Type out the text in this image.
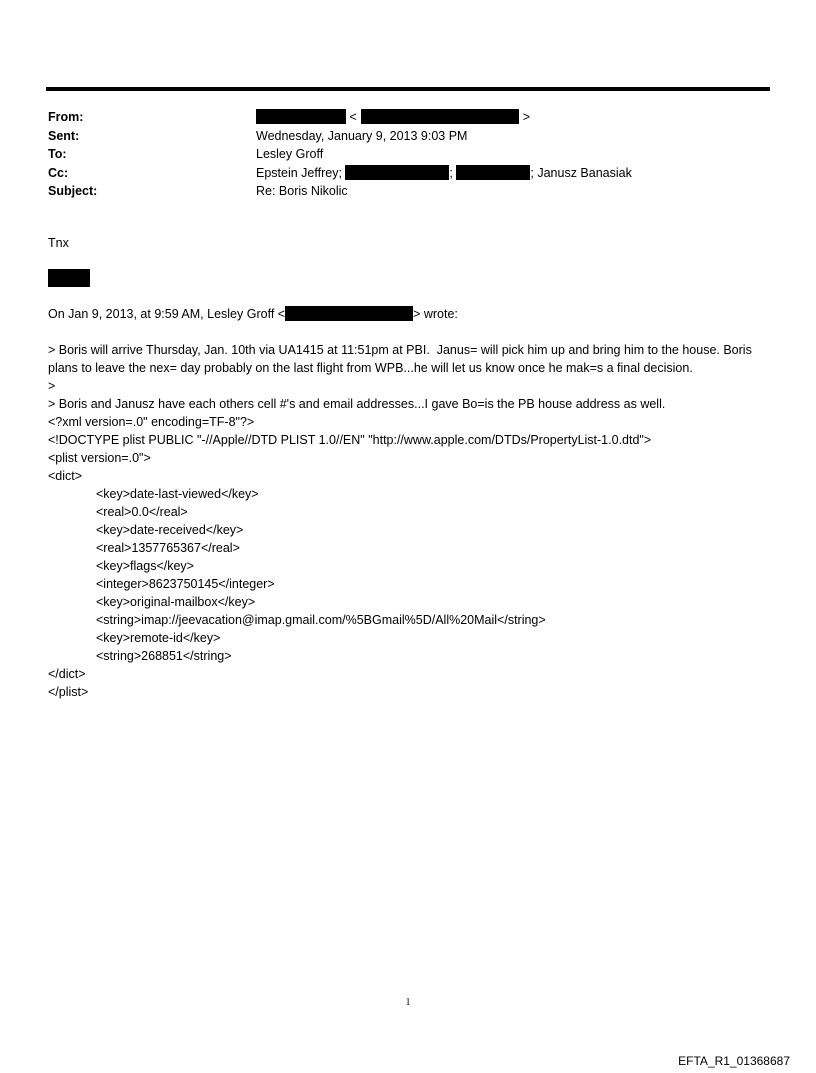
From:	<	>
Sent:	Wednesday, January 9, 2013 9:03 PM
To:	Lesley Groff
Cc:	Epstein Jeffrey;	;	; Janusz Banasiak
Subject:	Re: Boris Nikolic
Tnx
On Jan 9, 2013, at 9:59 AM, Lesley Groff <	> wrote:
> Boris will arrive Thursday, Jan. 10th via UA1415 at 11:51pm at PBI.  Janus= will pick him up and bring him to the house. Boris plans to leave the nex= day probably on the last flight from WPB...he will let us know once he mak=s a final decision.
>
> Boris and Janusz have each others cell #'s and email addresses...I gave Bo=is the PB house address as well.
<?xml version=.0" encoding=TF-8"?>
<!DOCTYPE plist PUBLIC "-//Apple//DTD PLIST 1.0//EN" "http://www.apple.com/DTDs/PropertyList-1.0.dtd">
<plist version=.0">
<dict>
<key>date-last-viewed</key>
<real>0.0</real>
<key>date-received</key>
<real>1357765367</real>
<key>flags</key>
<integer>8623750145</integer>
<key>original-mailbox</key>
<string>imap://jeevacation@imap.gmail.com/%5BGmail%5D/All%20Mail</string>
<key>remote-id</key>
<string>268851</string>
</dict>
</plist>
1
EFTA_R1_01368687
